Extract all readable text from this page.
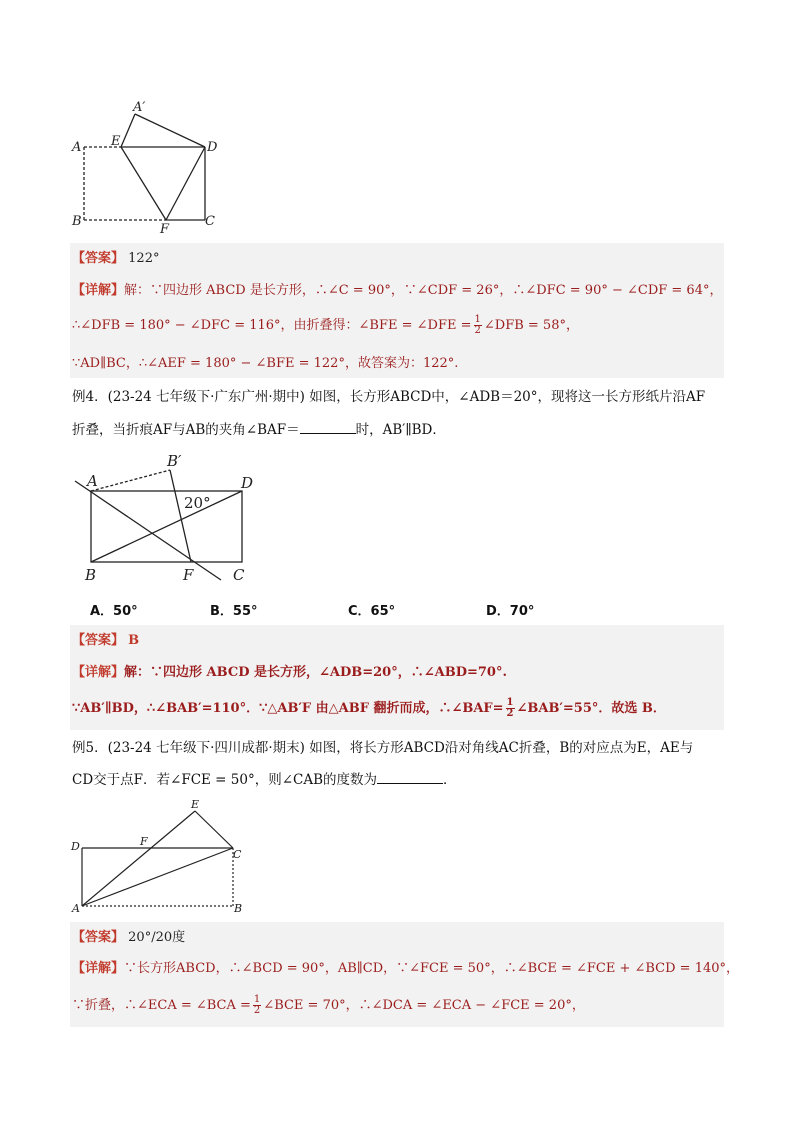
A′
E
A	D
B
F
C
【答案】 122°
【详解】解：∵四边形 ABCD 是长方形，∴∠C = 90°，∵∠CDF = 26°，∴∠DFC = 90° − ∠CDF = 64°，
∴∠DFB = 180° − ∠DFC = 116°，由折叠得：∠BFE = ∠DFE = $\frac{1}{2}$ ∠DFB = 58°，
∵AD∥BC，∴∠AEF = 180° − ∠BFE = 122°，故答案为：122°.
例4．(23-24 七年级下·广东广州·期中) 如图，长方形ABCD中，∠ADB＝20°，现将这一长方形纸片沿AF
折叠，当折痕AF与AB的夹角∠BAF＝	时，AB′∥BD．
B′
A	D
B	F	C
20°
A．50°	B．55°	C．65°	D．70°
【答案】 B
【详解】解：∵四边形 ABCD 是长方形，∠ADB=20°，∴∠ABD=70°.
∵AB′∥BD，∴∠BAB′=110°．∵△AB′F 由△ABF 翻折而成，∴∠BAF= $\frac{1}{2}$ ∠BAB′=55°．故选 B．
例5．(23-24 七年级下·四川成都·期末) 如图，将长方形ABCD沿对角线AC折叠，B的对应点为E，AE与
CD交于点F．若∠FCE = 50°，则∠CAB的度数为	．
E
F
D
C
A	B
【答案】 20°/20度
【详解】∵长方形ABCD，∴∠BCD = 90°，AB∥CD，∵∠FCE = 50°，∴∠BCE = ∠FCE + ∠BCD = 140°，
∵折叠，∴∠ECA = ∠BCA = $\frac{1}{2}$ ∠BCE = 70°，∴∠DCA = ∠ECA − ∠FCE = 20°，
